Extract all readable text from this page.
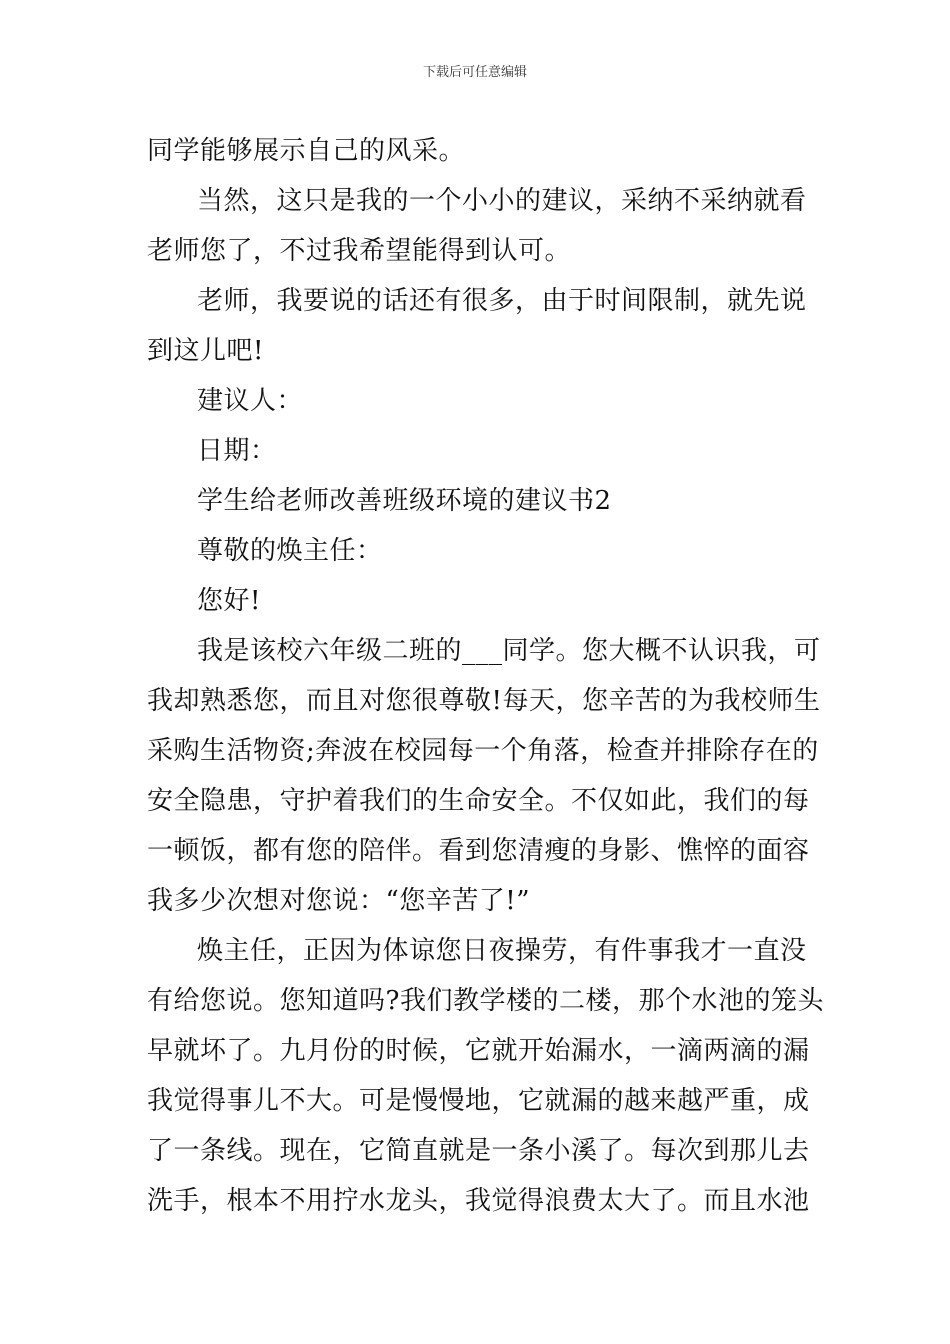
下载后可任意编辑
同学能够展示自己的风采。
当然，这只是我的一个小小的建议，采纳不采纳就看
老师您了，不过我希望能得到认可。
老师，我要说的话还有很多，由于时间限制，就先说
到这儿吧!
建议人：
日期：
学生给老师改善班级环境的建议书2
尊敬的焕主任：
您好!
我是该校六年级二班的___同学。您大概不认识我，可
我却熟悉您，而且对您很尊敬!每天，您辛苦的为我校师生
采购生活物资;奔波在校园每一个角落，检查并排除存在的
安全隐患，守护着我们的生命安全。不仅如此，我们的每
一顿饭，都有您的陪伴。看到您清瘦的身影、憔悴的面容
我多少次想对您说：“您辛苦了!”
焕主任，正因为体谅您日夜操劳，有件事我才一直没
有给您说。您知道吗?我们教学楼的二楼，那个水池的笼头
早就坏了。九月份的时候，它就开始漏水，一滴两滴的漏
我觉得事儿不大。可是慢慢地，它就漏的越来越严重，成
了一条线。现在，它简直就是一条小溪了。每次到那儿去
洗手，根本不用拧水龙头，我觉得浪费太大了。而且水池
